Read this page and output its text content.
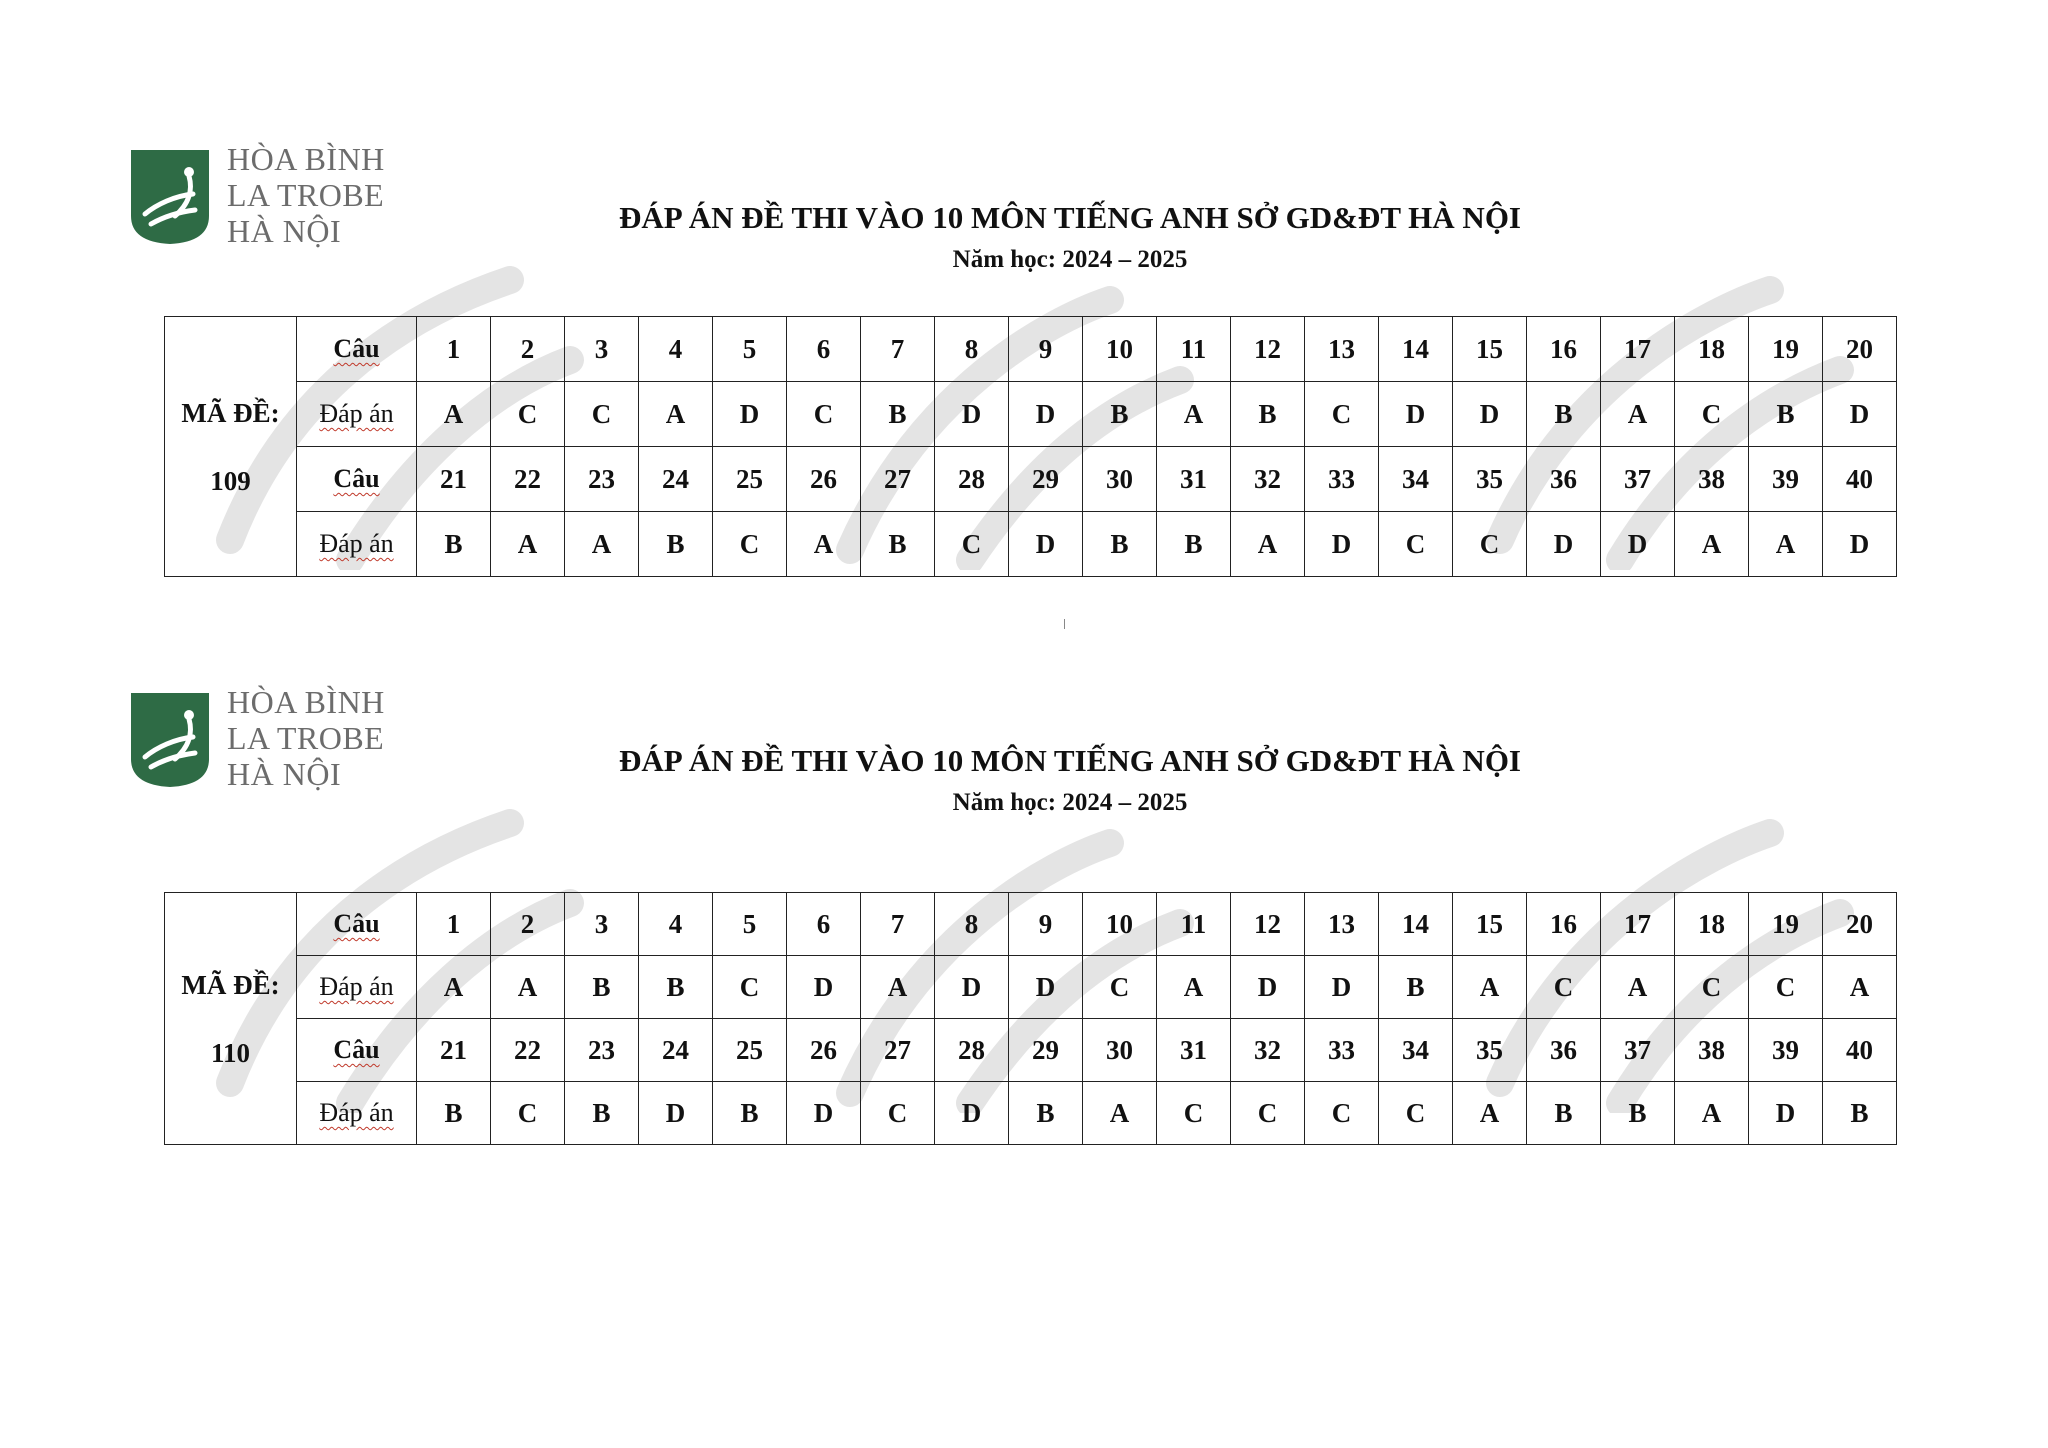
HÒA BÌNH
LA TROBE
HÀ NỘI	ĐÁP ÁN ĐỀ THI VÀO 10 MÔN TIẾNG ANH SỞ GD&ĐT HÀ NỘI
Năm học: 2024 – 2025
MÃ ĐỀ:
109	Câu	1	2	3	4	5	6	7	8	9	10	11	12	13	14	15	16	17	18	19	20
	Đáp án	A	C	C	A	D	C	B	D	D	B	A	B	C	D	D	B	A	C	B	D
	Câu	21	22	23	24	25	26	27	28	29	30	31	32	33	34	35	36	37	38	39	40
	Đáp án	B	A	A	B	C	A	B	C	D	B	B	A	D	C	C	D	D	A	A	D
HÒA BÌNH
LA TROBE
HÀ NỘI	ĐÁP ÁN ĐỀ THI VÀO 10 MÔN TIẾNG ANH SỞ GD&ĐT HÀ NỘI
Năm học: 2024 – 2025
MÃ ĐỀ:
110	Câu	1	2	3	4	5	6	7	8	9	10	11	12	13	14	15	16	17	18	19	20
	Đáp án	A	A	B	B	C	D	A	D	D	C	A	D	D	B	A	C	A	C	C	A
	Câu	21	22	23	24	25	26	27	28	29	30	31	32	33	34	35	36	37	38	39	40
	Đáp án	B	C	B	D	B	D	C	D	B	A	C	C	C	C	A	B	B	A	D	B
